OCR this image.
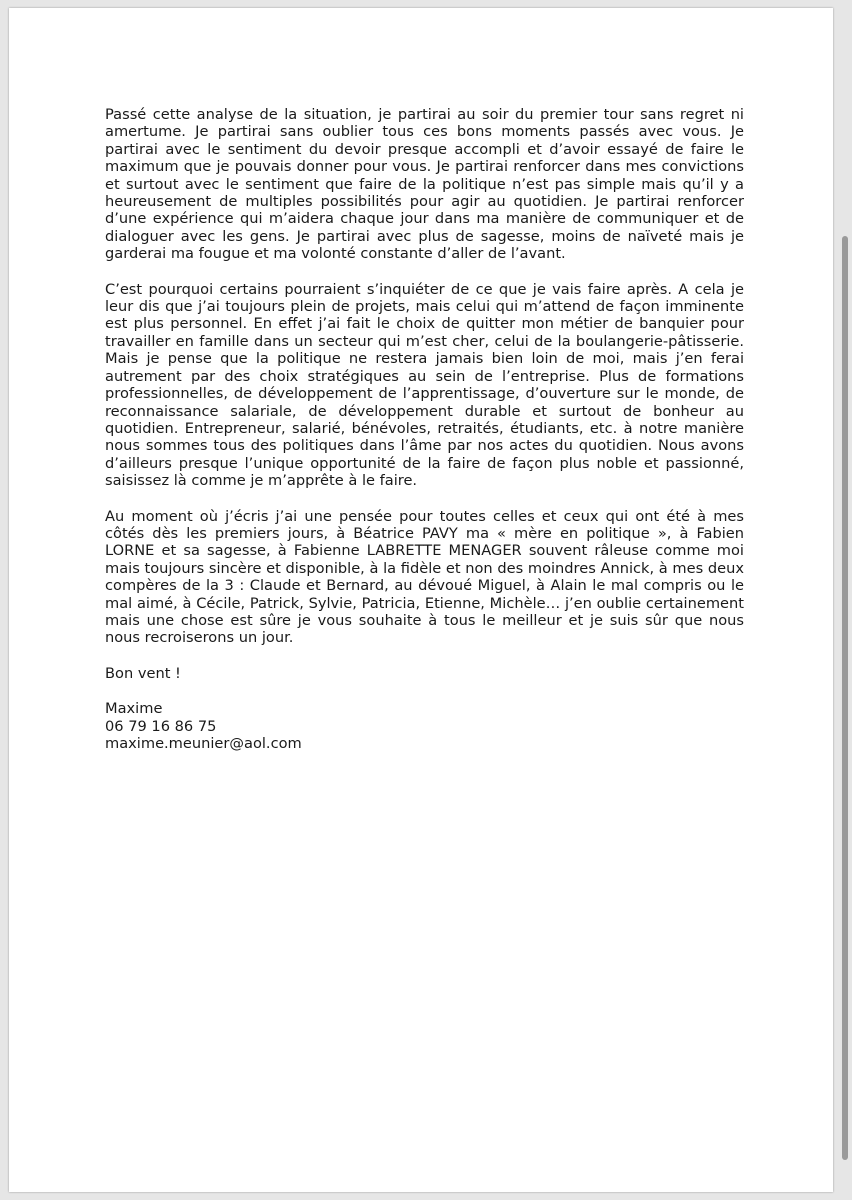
Passé cette analyse de la situation, je partirai au soir du premier tour sans regret ni amertume. Je partirai sans oublier tous ces bons moments passés avec vous. Je partirai avec le sentiment du devoir presque accompli et d’avoir essayé de faire le maximum que je pouvais donner pour vous. Je partirai renforcer dans mes convictions et surtout avec le sentiment que faire de la politique n’est pas simple mais qu’il y a heureusement de multiples possibilités pour agir au quotidien. Je partirai renforcer d’une expérience qui m’aidera chaque jour dans ma manière de communiquer et de dialoguer avec les gens. Je partirai avec plus de sagesse, moins de naïveté mais je garderai ma fougue et ma volonté constante d’aller de l’avant.

C’est pourquoi certains pourraient s’inquiéter de ce que je vais faire après. A cela je leur dis que j’ai toujours plein de projets, mais celui qui m’attend de façon imminente est plus personnel. En effet j’ai fait le choix de quitter mon métier de banquier pour travailler en famille dans un secteur qui m’est cher, celui de la boulangerie-pâtisserie. Mais je pense que la politique ne restera jamais bien loin de moi, mais j’en ferai autrement par des choix stratégiques au sein de l’entreprise. Plus de formations professionnelles, de développement de l’apprentissage, d’ouverture sur le monde, de reconnaissance salariale, de développement durable et surtout de bonheur au quotidien. Entrepreneur, salarié, bénévoles, retraités, étudiants, etc. à notre manière nous sommes tous des politiques dans l’âme par nos actes du quotidien. Nous avons d’ailleurs presque l’unique opportunité de la faire de façon plus noble et passionné, saisissez là comme je m’apprête à le faire.

Au moment où j’écris j’ai une pensée pour toutes celles et ceux qui ont été à mes côtés dès les premiers jours, à Béatrice PAVY ma « mère en politique », à Fabien LORNE et sa sagesse, à Fabienne LABRETTE MENAGER souvent râleuse comme moi mais toujours sincère et disponible, à la fidèle et non des moindres Annick, à mes deux compères de la 3 : Claude et Bernard, au dévoué Miguel, à Alain le mal compris ou le mal aimé, à Cécile, Patrick, Sylvie, Patricia, Etienne, Michèle… j’en oublie certainement mais une chose est sûre je vous souhaite à tous le meilleur et je suis sûr que nous nous recroiserons un jour.

Bon vent !

Maxime
06 79 16 86 75
maxime.meunier@aol.com
